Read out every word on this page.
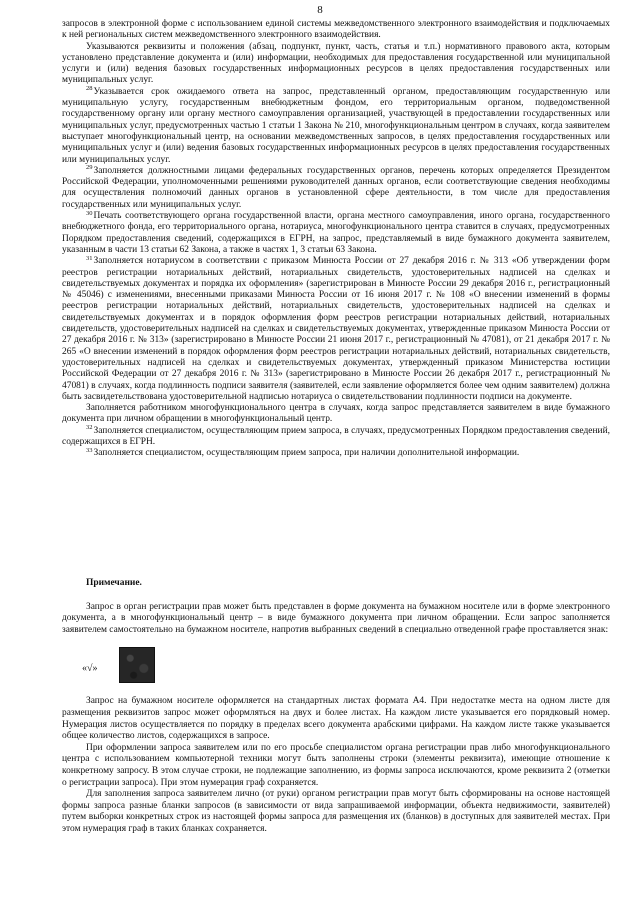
8

запросов в электронной форме с использованием единой системы межведомственного электронного взаимодействия и подключаемых к ней региональных систем межведомственного электронного взаимодействия.

Указываются реквизиты и положения (абзац, подпункт, пункт, часть, статья и т.п.) нормативного правового акта, которым установлено представление документа и (или) информации, необходимых для предоставления государственной или муниципальной услуги и (или) ведения базовых государственных информационных ресурсов в целях предоставления государственных или муниципальных услуг.

$^{28}$Указывается срок ожидаемого ответа на запрос, представленный органом, предоставляющим государственную или муниципальную услугу, государственным внебюджетным фондом, его территориальным органом, подведомственной государственному органу или органу местного самоуправления организацией, участвующей в предоставлении государственных или муниципальных услуг, предусмотренных частью 1 статьи 1 Закона № 210, многофункциональным центром в случаях, когда заявителем выступает многофункциональный центр, на основании межведомственных запросов, в целях предоставления государственных или муниципальных услуг и (или) ведения базовых государственных информационных ресурсов в целях предоставления государственных или муниципальных услуг.

$^{29}$Заполняется должностными лицами федеральных государственных органов, перечень которых определяется Президентом Российской Федерации, уполномоченными решениями руководителей данных органов, если соответствующие сведения необходимы для осуществления полномочий данных органов в установленной сфере деятельности, в том числе для предоставления государственных или муниципальных услуг.

$^{30}$Печать соответствующего органа государственной власти, органа местного самоуправления, иного органа, государственного внебюджетного фонда, его территориального органа, нотариуса, многофункционального центра ставится в случаях, предусмотренных Порядком предоставления сведений, содержащихся в ЕГРН, на запрос, представляемый в виде бумажного документа заявителем, указанным в части 13 статьи 62 Закона, а также в частях 1, 3 статьи 63 Закона.

$^{31}$Заполняется нотариусом в соответствии с приказом Минюста России от 27 декабря 2016 г. № 313 «Об утверждении форм реестров регистрации нотариальных действий, нотариальных свидетельств, удостоверительных надписей на сделках и свидетельствуемых документах и порядка их оформления» (зарегистрирован в Минюсте России 29 декабря 2016 г., регистрационный № 45046) с изменениями, внесенными приказами Минюста России от 16 июня 2017 г. № 108 «О внесении изменений в формы реестров регистрации нотариальных действий, нотариальных свидетельств, удостоверительных надписей на сделках и свидетельствуемых документах и в порядок оформления форм реестров регистрации нотариальных действий, нотариальных свидетельств, удостоверительных надписей на сделках и свидетельствуемых документах, утвержденные приказом Минюста России от 27 декабря 2016 г. № 313» (зарегистрировано в Минюсте России 21 июня 2017 г., регистрационный № 47081), от 21 декабря 2017 г. № 265 «О внесении изменений в порядок оформления форм реестров регистрации нотариальных действий, нотариальных свидетельств, удостоверительных надписей на сделках и свидетельствуемых документах, утвержденный приказом Министерства юстиции Российской Федерации от 27 декабря 2016 г. № 313» (зарегистрировано в Минюсте России 26 декабря 2017 г., регистрационный № 47081) в случаях, когда подлинность подписи заявителя (заявителей, если заявление оформляется более чем одним заявителем) должна быть засвидетельствована удостоверительной надписью нотариуса о свидетельствовании подлинности подписи на документе.

Заполняется работником многофункционального центра в случаях, когда запрос представляется заявителем в виде бумажного документа при личном обращении в многофункциональный центр.

$^{32}$Заполняется специалистом, осуществляющим прием запроса, в случаях, предусмотренных Порядком предоставления сведений, содержащихся в ЕГРН.

$^{33}$Заполняется специалистом, осуществляющим прием запроса, при наличии дополнительной информации.

Примечание.

Запрос в орган регистрации прав может быть представлен в форме документа на бумажном носителе или в форме электронного документа, а в многофункциональный центр – в виде бумажного документа при личном обращении. Если запрос заполняется заявителем самостоятельно на бумажном носителе, напротив выбранных сведений в специально отведенной графе проставляется знак:

«√»

Запрос на бумажном носителе оформляется на стандартных листах формата А4. При недостатке места на одном листе для размещения реквизитов запрос может оформляться на двух и более листах. На каждом листе указывается его порядковый номер. Нумерация листов осуществляется по порядку в пределах всего документа арабскими цифрами. На каждом листе также указывается общее количество листов, содержащихся в запросе.

При оформлении запроса заявителем или по его просьбе специалистом органа регистрации прав либо многофункционального центра с использованием компьютерной техники могут быть заполнены строки (элементы реквизита), имеющие отношение к конкретному запросу. В этом случае строки, не подлежащие заполнению, из формы запроса исключаются, кроме реквизита 2 (отметки о регистрации запроса). При этом нумерация граф сохраняется.

Для заполнения запроса заявителем лично (от руки) органом регистрации прав могут быть сформированы на основе настоящей формы запроса разные бланки запросов (в зависимости от вида запрашиваемой информации, объекта недвижимости, заявителей) путем выборки конкретных строк из настоящей формы запроса для размещения их (бланков) в доступных для заявителей местах. При этом нумерация граф в таких бланках сохраняется.
